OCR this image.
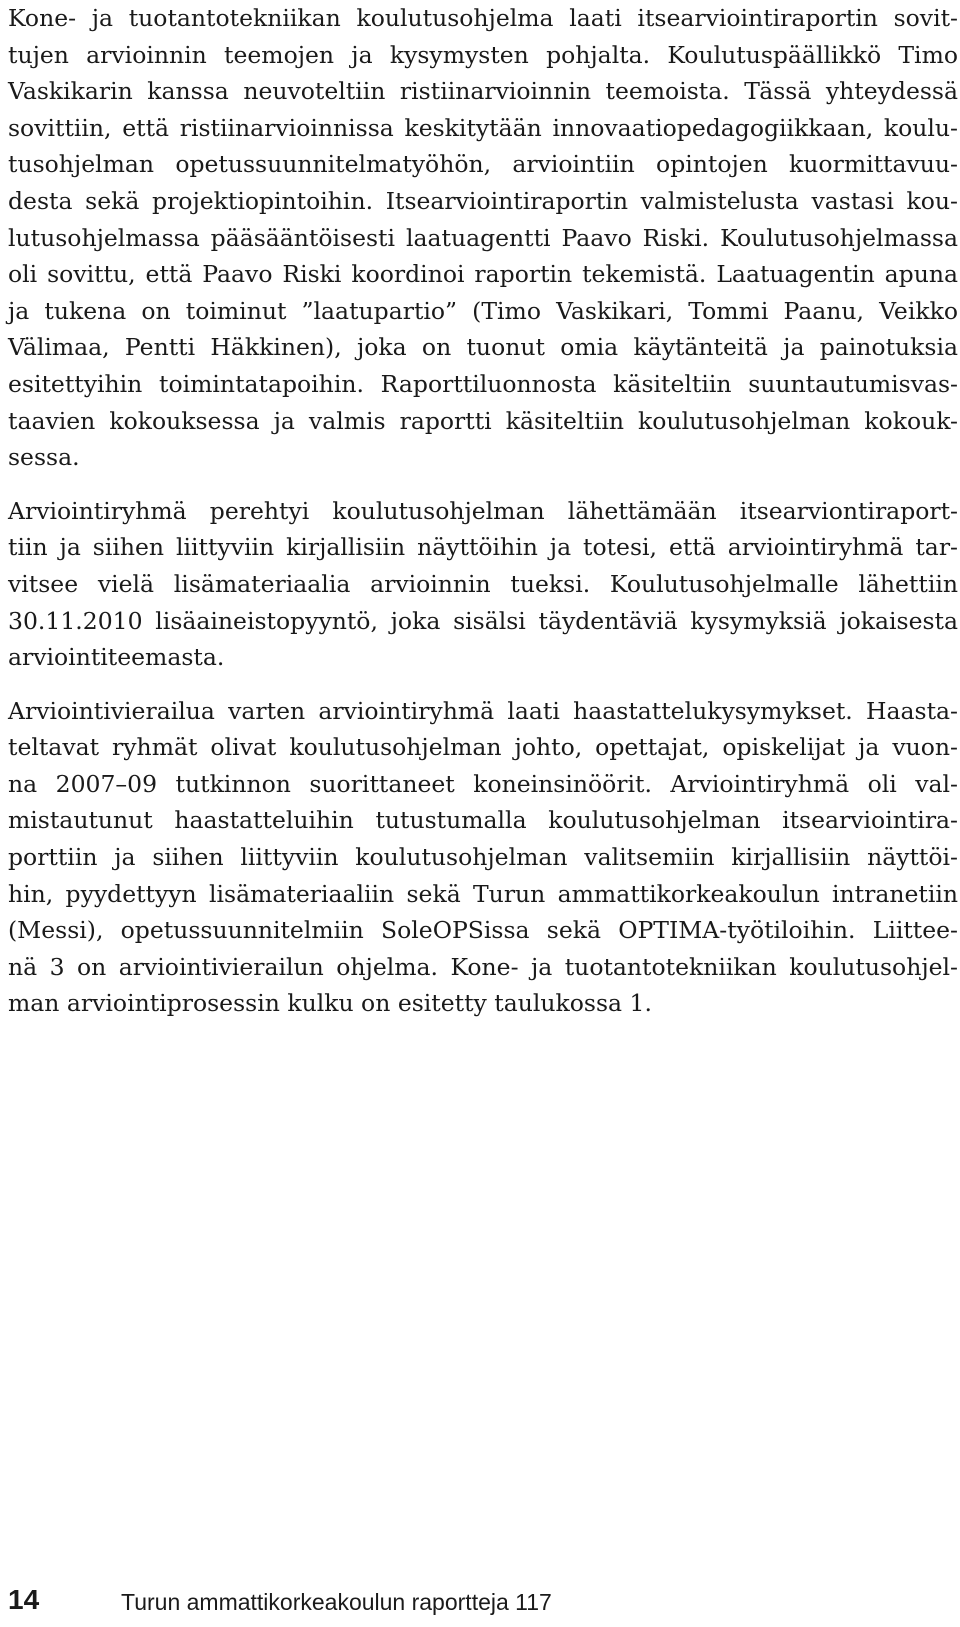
Kone- ja tuotantotekniikan koulutusohjelma laati itsearviointiraportin sovit-
tujen arvioinnin teemojen ja kysymysten pohjalta. Koulutuspäällikkö Timo
Vaskikarin kanssa neuvoteltiin ristiinarvioinnin teemoista. Tässä yhteydessä
sovittiin, että ristiinarvioinnissa keskitytään innovaatiopedagogiikkaan, koulu-
tusohjelman opetussuunnitelmatyöhön, arviointiin opintojen kuormittavuu-
desta sekä projektiopintoihin. Itsearviointiraportin valmistelusta vastasi kou-
lutusohjelmassa pääsääntöisesti laatuagentti Paavo Riski. Koulutusohjelmassa
oli sovittu, että Paavo Riski koordinoi raportin tekemistä. Laatuagentin apuna
ja tukena on toiminut ”laatupartio” (Timo Vaskikari, Tommi Paanu, Veikko
Välimaa, Pentti Häkkinen), joka on tuonut omia käytänteitä ja painotuksia
esitettyihin toimintatapoihin. Raporttiluonnosta käsiteltiin suuntautumisvas-
taavien kokouksessa ja valmis raportti käsiteltiin koulutusohjelman kokouk-
sessa.
Arviointiryhmä perehtyi koulutusohjelman lähettämään itsearviontiraport-
tiin ja siihen liittyviin kirjallisiin näyttöihin ja totesi, että arviointiryhmä tar-
vitsee vielä lisämateriaalia arvioinnin tueksi. Koulutusohjelmalle lähettiin
30.11.2010 lisäaineistopyyntö, joka sisälsi täydentäviä kysymyksiä jokaisesta
arviointiteemasta.
Arviointivierailua varten arviointiryhmä laati haastattelukysymykset. Haasta-
teltavat ryhmät olivat koulutusohjelman johto, opettajat, opiskelijat ja vuon-
na 2007–09 tutkinnon suorittaneet koneinsinöörit. Arviointiryhmä oli val-
mistautunut haastatteluihin tutustumalla koulutusohjelman itsearviointira-
porttiin ja siihen liittyviin koulutusohjelman valitsemiin kirjallisiin näyttöi-
hin, pyydettyyn lisämateriaaliin sekä Turun ammattikorkeakoulun intranetiin
(Messi), opetussuunnitelmiin SoleOPSissa sekä OPTIMA-työtiloihin. Liittee-
nä 3 on arviointivierailun ohjelma. Kone- ja tuotantotekniikan koulutusohjel-
man arviointiprosessin kulku on esitetty taulukossa 1.
14	Turun ammattikorkeakoulun raportteja 117
